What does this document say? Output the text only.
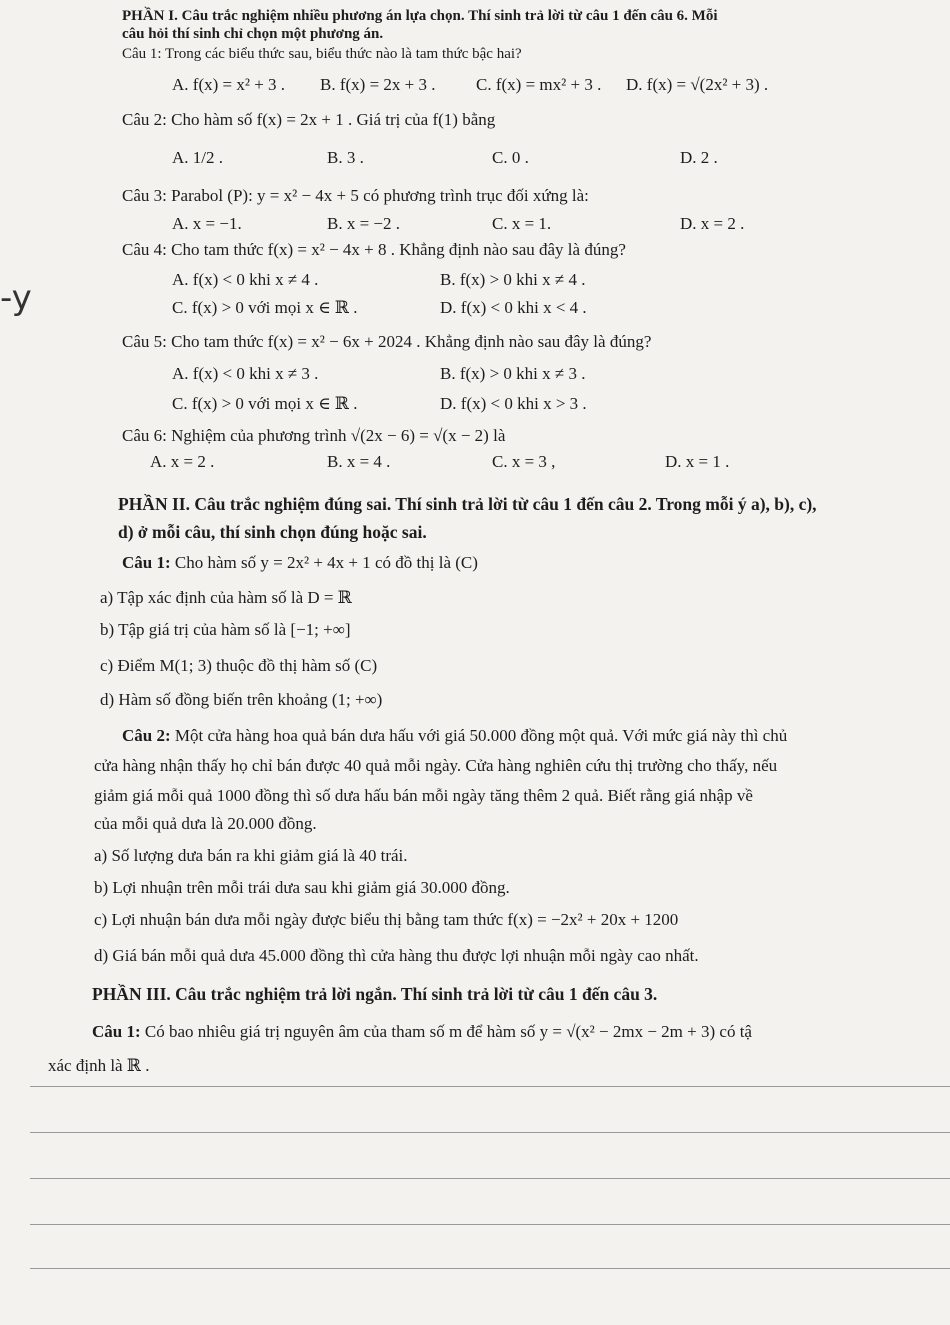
-y
PHẦN I. Câu trắc nghiệm nhiều phương án lựa chọn. Thí sinh trả lời từ câu 1 đến câu 6. Mỗi
câu hỏi thí sinh chỉ chọn một phương án.
Câu 1: Trong các biểu thức sau, biểu thức nào là tam thức bậc hai?
A. f(x) = x² + 3 . B. f(x) = 2x + 3 . C. f(x) = mx² + 3 . D. f(x) = √(2x² + 3) .
Câu 2: Cho hàm số f(x) = 2x + 1 . Giá trị của f(1) bằng
A. 1/2 .	B. 3 .	C. 0 .	D. 2 .
Câu 3: Parabol (P): y = x² − 4x + 5 có phương trình trục đối xứng là:
A. x = −1.	B. x = −2 .	C. x = 1.	D. x = 2 .
Câu 4: Cho tam thức f(x) = x² − 4x + 8 . Khẳng định nào sau đây là đúng?
A. f(x) < 0 khi x ≠ 4 .	B. f(x) > 0 khi x ≠ 4 .
C. f(x) > 0 với mọi x ∈ ℝ .	D. f(x) < 0 khi x < 4 .
Câu 5: Cho tam thức f(x) = x² − 6x + 2024 . Khẳng định nào sau đây là đúng?
A. f(x) < 0 khi x ≠ 3 .	B. f(x) > 0 khi x ≠ 3 .
C. f(x) > 0 với mọi x ∈ ℝ .	D. f(x) < 0 khi x > 3 .
Câu 6: Nghiệm của phương trình √(2x − 6) = √(x − 2) là
A. x = 2 .	B. x = 4 .	C. x = 3 ,	D. x = 1 .
PHẦN II. Câu trắc nghiệm đúng sai. Thí sinh trả lời từ câu 1 đến câu 2. Trong mỗi ý a), b), c),
d) ở mỗi câu, thí sinh chọn đúng hoặc sai.
Câu 1: Cho hàm số y = 2x² + 4x + 1 có đồ thị là (C)
a) Tập xác định của hàm số là D = ℝ
b) Tập giá trị của hàm số là [−1; +∞]
c) Điểm M(1; 3) thuộc đồ thị hàm số (C)
d) Hàm số đồng biến trên khoảng (1; +∞)
Câu 2: Một cửa hàng hoa quả bán dưa hấu với giá 50.000 đồng một quả. Với mức giá này thì chủ
cửa hàng nhận thấy họ chỉ bán được 40 quả mỗi ngày. Cửa hàng nghiên cứu thị trường cho thấy, nếu
giảm giá mỗi quả 1000 đồng thì số dưa hấu bán mỗi ngày tăng thêm 2 quả. Biết rằng giá nhập về
của mỗi quả dưa là 20.000 đồng.
a) Số lượng dưa bán ra khi giảm giá là 40 trái.
b) Lợi nhuận trên mỗi trái dưa sau khi giảm giá 30.000 đồng.
c) Lợi nhuận bán dưa mỗi ngày được biểu thị bằng tam thức f(x) = −2x² + 20x + 1200
d) Giá bán mỗi quả dưa 45.000 đồng thì cửa hàng thu được lợi nhuận mỗi ngày cao nhất.
PHẦN III. Câu trắc nghiệm trả lời ngắn. Thí sinh trả lời từ câu 1 đến câu 3.
Câu 1: Có bao nhiêu giá trị nguyên âm của tham số m để hàm số y = √(x² − 2mx − 2m + 3) có tậ
xác định là ℝ .
